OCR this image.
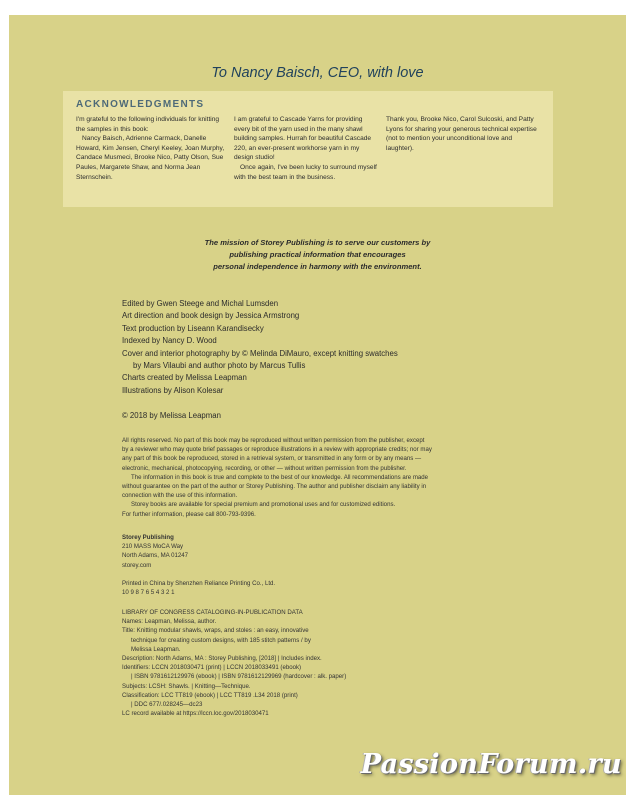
To Nancy Baisch, CEO, with love
ACKNOWLEDGMENTS

I'm grateful to the following individuals for knitting the samples in this book:

Nancy Baisch, Adrienne Carmack, Danelle Howard, Kim Jensen, Cheryl Keeley, Joan Murphy, Candace Musmeci, Brooke Nico, Patty Olson, Sue Paules, Margarete Shaw, and Norma Jean Sternschein.

I am grateful to Cascade Yarns for providing every bit of the yarn used in the many shawl building samples. Hurrah for beautiful Cascade 220, an ever-present workhorse yarn in my design studio!

Once again, I've been lucky to surround myself with the best team in the business.

Thank you, Brooke Nico, Carol Sulcoski, and Patty Lyons for sharing your generous technical expertise (not to mention your unconditional love and laughter).

The mission of Storey Publishing is to serve our customers by
publishing practical information that encourages
personal independence in harmony with the environment.
Edited by Gwen Steege and Michal Lumsden
Art direction and book design by Jessica Armstrong
Text production by Liseann Karandisecky
Indexed by Nancy D. Wood
Cover and interior photography by © Melinda DiMauro, except knitting swatches
by Mars Vilaubi and author photo by Marcus Tullis
Charts created by Melissa Leapman
Illustrations by Alison Kolesar
© 2018 by Melissa Leapman
All rights reserved. No part of this book may be reproduced without written permission from the publisher, except
by a reviewer who may quote brief passages or reproduce illustrations in a review with appropriate credits; nor may
any part of this book be reproduced, stored in a retrieval system, or transmitted in any form or by any means —
electronic, mechanical, photocopying, recording, or other — without written permission from the publisher.
The information in this book is true and complete to the best of our knowledge. All recommendations are made
without guarantee on the part of the author or Storey Publishing. The author and publisher disclaim any liability in
connection with the use of this information.
Storey books are available for special premium and promotional uses and for customized editions.
For further information, please call 800-793-9396.
Storey Publishing
210 MASS MoCA Way
North Adams, MA 01247
storey.com
Printed in China by Shenzhen Reliance Printing Co., Ltd.
10 9 8 7 6 5 4 3 2 1
LIBRARY OF CONGRESS CATALOGING-IN-PUBLICATION DATA
Names: Leapman, Melissa, author.
Title: Knitting modular shawls, wraps, and stoles : an easy, innovative
technique for creating custom designs, with 185 stitch patterns / by
Melissa Leapman.
Description: North Adams, MA : Storey Publishing, [2018] | Includes index.
Identifiers: LCCN 2018030471 (print) | LCCN 2018033491 (ebook)
| ISBN 9781612129976 (ebook) | ISBN 9781612129969 (hardcover : alk. paper)
Subjects: LCSH: Shawls. | Knitting—Technique.
Classification: LCC TT819 (ebook) | LCC TT819 .L34 2018 (print)
| DDC 677/.028245—dc23
LC record available at https://lccn.loc.gov/2018030471
PassionForum.ru
